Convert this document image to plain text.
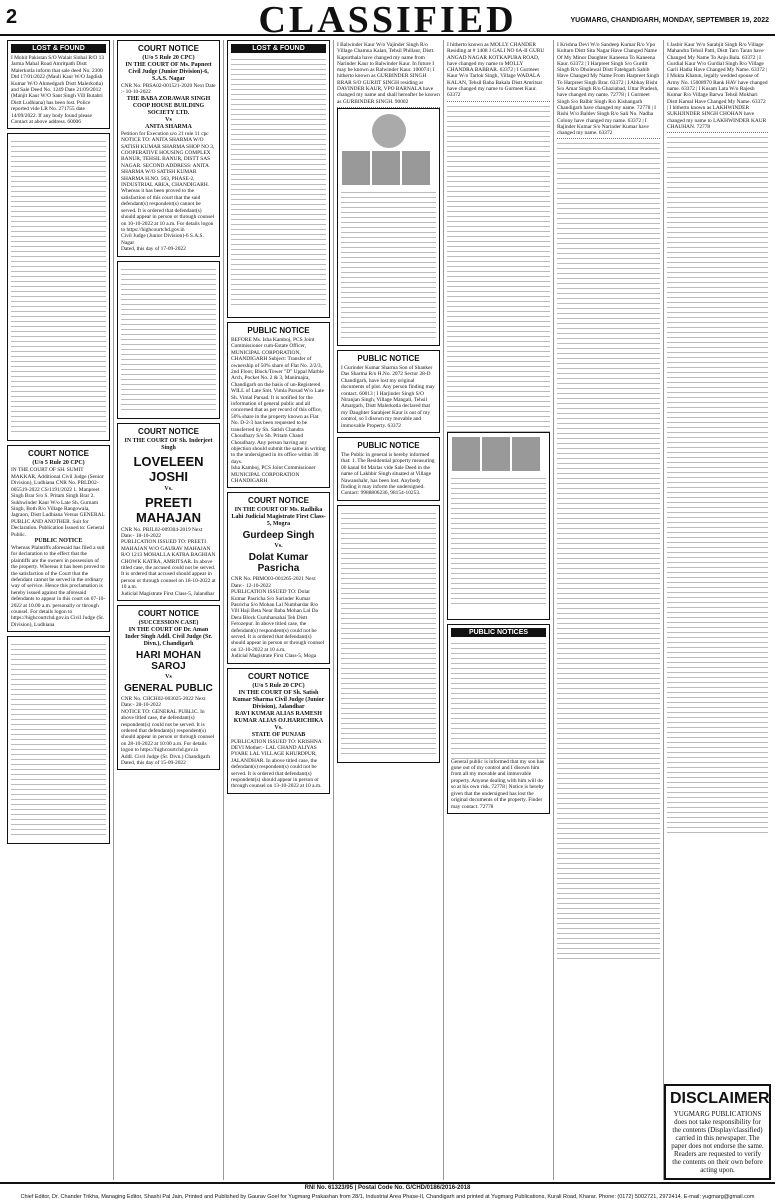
2	CLASSIFIED	YUGMARG, CHANDIGARH, MONDAY, SEPTEMBER 19, 2022
LOST & FOUND
I Mohit Pakistan S/O Walait Sinhal R/O 13 Jarma Mahal Road Amritpath Distt Malerkotla inform that sale deed No. 2300 Dtd 17/01/2022 (Mauli Kaur W/O Jagdish Kumar W/O Ahmedgarh Distt Malerkotla) and Sale Deed No. 1249 Date 21/09/2012 (Manjit Kaur W/O Sant Singh Vill Butahri Distt Ludhiana) has been lost. Police reported vide LR No. 271755 date 14/09/2022. If any body found please Contact at above address. 60006
COURT NOTICE
(U/o 5 Rule 20 CPC)
IN THE COURT OF SH. SUMIT MAKKAR, Additional Civil Judge (Senior Division), Ludhiana CNR No. PBLD02-005519-2022 CS/1191/2022 1. Manpreet Singh Brar S/o S. Pritam Singh Brar 2. Sukhwinder Kaur W/o Late Sh. Gurnam Singh, Both R/o Village Rangowala, Jagraon, Distt Ludhiana Versus GENERAL PUBLIC AND ANOTHER. Suit for Declaration. Publication Issued to: General Public.
PUBLIC NOTICE
Whereas Plaintiffs aforesaid has filed a suit for declaration to the effect that the plaintiffs are the owners in possession of the property. Whereas it has been proved to the satisfaction of the Court that the defendant cannot be served in the ordinary way of service. Hence this proclamation is hereby issued against the aforesaid defendants to appear in this court on 07-10-2022 at 10.00 a.m. personally or through counsel. For details logon to https://highcourtchd.gov.in Civil Judge (Sr. Division), Ludhiana
COURT NOTICE
(U/o 5 Rule 20 CPC)
IN THE COURT OF Ms. Papneet
Civil Judge (Junior Division)-6, S.A.S. Nagar
CNR No. PBSA02-001521-2020 Next Date :- 10-10-2022
THE BABA ZORAWAR SINGH COOP HOUSE BUILDING SOCIETY LTD.
Vs
ANITA SHARMA
Petition for Execution u/o 21 rule 11 cpc
NOTICE TO: ANITA SHARMA W/O SATISH KUMAR SHARMA SHOP NO 3, COOPERATIVE HOUSING COMPLEX BANUR, TEHSIL BANUR, DISTT SAS NAGAR. SECOND ADDRESS: ANITA SHARMA W/O SATISH KUMAR SHARMA H.NO. 563, PHASE-2, INDUSTRIAL AREA, CHANDIGARH. Whereas it has been proved to the satisfaction of this court that the said defendant(s) respondent(s) cannot be served. It is ordered that defendant(s) should appear in person or through counsel on 10-10-2022 at 10 a.m. For details logon to https://highcourtchd.gov.in
Civil Judge (Junior Division)-6 S.A.S. Nagar
Dated, this day of 17-09-2022
COURT NOTICE
IN THE COURT OF Sh. Inderjeet Singh
LOVELEEN JOSHI
Vs.
PREETI MAHAJAN
CNR No. PBJL02-009304-2019 Next Date:- 18-10-2022
PUBLICATION ISSUED TO: PREETI MAHAJAN W/O GAURAV MAHAJAN R/O 1213 MOHALLA KATRA BAGHIAN CHOWK KATRA, AMRITSAR. In above titled case, the accused could not be served. It is ordered that accused should appear in person or through counsel on 18-10-2022 at 10 a.m.
Judicial Magistrate First Class-5, Jalandhar
COURT NOTICE
(SUCCESSION CASE)
IN THE COURT OF Dr. Aman Inder Singh Addl. Civil Judge (Sr. Divn.), Chandigarh
HARI MOHAN SAROJ
Vs
GENERAL PUBLIC
CNR No. CHCH02-003025-2022 Next Date:- 28-10-2022
NOTICE TO: GENERAL PUBLIC. In above titled case, the defendant(s) respondent(s) could not be served. It is ordered that defendant(s) respondent(s) should appear in person or through counsel on 28-10-2022 at 10:00 a.m. For details logon to https://highcourtchd.gov.in
Addl. Civil Judge (Sr. Divn.) Chandigarh
Dated, this day of 15-09-2022
LOST & FOUND
PUBLIC NOTICE
BEFORE Ms. Isha Kamboj, PCS Joint Commissioner cum-Estate Officer, MUNICIPAL CORPORATION, CHANDIGARH Subject: Transfer of ownership of 50% share of Flat No. 2/2/3, 2nd Floor, Block/Tower "D" Uppal Marble Arch, Pocket No. 2 & 3, Manimajra, Chandigarh on the basis of un-Registered WILL of Late Smt. Vimla Parsad W/o Late Sh. Vimal Parsad. It is notified for the information of general public and all concerned that as per record of this office, 50% share in the property known as Flat No. D-2-3 has been requested to be transferred by Sh. Satish Chandra Choudhary S/o Sh. Pritam Chand Choudhary. Any person having any objection should submit the same in writing to the undersigned in its office within 30 days.
Isha Kamboj, PCS Joint Commissioner MUNICIPAL CORPORATION CHANDIGARH
COURT NOTICE
IN THE COURT OF Ms. Radhika Lahi Judicial Magistrate First Class-5, Mogra
Gurdeep Singh
Vs.
Dolat Kumar Pasricha
CNR No. PBMO03-001265-2021 Next Date:- 12-10-2022
PUBLICATION ISSUED TO: Dolat Kumar Pasricha S/o Surinder Kumar Pasricha S/o Mohan Lal Numbardar R/o Vill Haji Beta Near Baba Mohan Lal Da Dera Block Guruharsahai Teh Distt Ferozepur. In above titled case, the defendant(s) respondent(s) could not be served. It is ordered that defendant(s) should appear in person or through counsel on 12-10-2022 at 10 a.m.
Judicial Magistrate First Class-5, Moga
COURT NOTICE
(U/o 5 Rule 20 CPC)
IN THE COURT OF Sh. Satish Kumar Sharma Civil Judge (Junior Division), Jalandhar
RAVI KUMAR ALIAS RAMESH KUMAR ALIAS OJ.HARICHIKA
Vs.
STATE OF PUNJAB
PUBLICATION ISSUED TO: KRISHNA DEVI Mother:- LAL CHAND ALIYAS PYARE LAL VILLAGE KHURDPUR, JALANDHAR. In above titled case, the defendant(s) respondent(s) could not be served. It is ordered that defendant(s) respondent(s) should appear in person or through counsel on 13-10-2022 at 10 a.m.
I Balwinder Kaur W/o Vajinder Singh R/o Village Chamna Kalan, Tehsil Phillaur, Distt. Kapurthala have changed my name from Narinder Kaur to Balwinder Kaur. In future I may be known as Balwinder Kaur. 100074 | I hitherto known as GURBINDER SINGH BRAR S/O GURJIT SINGH residing at DAVINDER KAUR, VPO BARNALA have changed my name and shall hereafter be known as GURBINDER SINGH. 90002
PUBLIC NOTICE
I Gurinder Kumar Sharma Son of Shanker Das Sharma R/o H.No. 2072 Sector 28-D Chandigarh, have lost my original documents of plot. Any person finding may contact. 60013 | I Harjinder Singh S/O Niranjan Singh, Village Mangali, Tehsil Amargarh, Distt Malerkotla declared that my Daughter Sarabjeet Kaur is out of my control, so I disown my movable and immovable Property. 63372
PUBLIC NOTICE
The Public in general is hereby informed that: 1. The Residential property measuring 00 kanal 04 Marlas vide Sale Deed in the name of Lakhbir Singh situated at Village Nawanshahr, has been lost. Anybody finding it may inform the undersigned. Contact: 9988806236, 98154-10253.
I hitherto known as MOLLY CHANDER Residing at # 1408 J GALI NO 6A-II GURU ANGAD NAGAR KOTKAPURA ROAD, have changed my name to MOLLY CHANDRA BABBAR. 63372 | I Gurmeet Kaur W/o Tarlok Singh, Village WADALA KALAN, Tehsil Baba Bakala Distt Amritsar have changed my name to Gurmeet Kaur. 63372
PUBLIC NOTICES
General public is informed that my son has gone out of my control and I disown him from all my movable and immovable property. Anyone dealing with him will do so at his own risk. 72778 | Notice is hereby given that the undersigned has lost the original documents of the property. Finder may contact. 72778
I Krishna Devi W/o Sandeep Kumar R/o Vpo Kultarn Distt Sita Nagar Have Changed Name Of My Minor Daughter Kaneena To Kaneena Kaur. 63372 | I Harpreet Singh S/o Gurdit Singh R/o Dholewal Distt Fatehgarh Sahib Have Changed My Name From Harpreet Singh To Harpreet Singh Brar. 63372 | I Abhay Bisht S/o Amar Singh R/o Ghaziabad, Uttar Pradesh, have changed my name. 72778 | I Gurmeet Singh S/o Balbir Singh R/o Kishangarh Chandigarh have changed my name. 72778 | I Rishi W/o Baldev Singh R/o Sali No. Nadha Colony have changed my name. 63372 | I Rajinder Kumar S/o Narinder Kumar have changed my name. 63372
I Jasbir Kaur W/o Sarabjit Singh R/o Village Mahandra Tehsil Patti, Distt Tarn Taran have Changed My Name To Anju Bala. 63372 | I Gurdial Kaur W/o Gurdial Singh R/o Village Garli Hadia Have Changed My Name. 63372 | I Mukta Khatun, legally wedded spouse of Army No. 15008970 Rank HAV have changed name. 63372 | I Kusam Lata W/o Rajesh Kumar R/o Village Barwa Tehsil Mokhari Distt Kamal Have Changed My Name. 63372 | I hitherto known as LAKHWINDER SUKHJINDER SINGH CHOHAN have changed my name to LAKHWINDER KAUR CHAUHAN. 72778
DISCLAIMER

YUGMARG PUBLICATIONS does not take responsibility for the contents (Display/classified) carried in this newspaper. The paper does not endorse the same. Readers are requested to verify the contents on their own before acting upon.

RNI No. 61323/95 | Postal Code No. G/CHD/0186/2016-2018
Chief Editor, Dr. Chander Trikha, Managing Editor, Shashi Pal Jain, Printed and Published by Gaurav Goel for Yugmarg Prakashan from 28/1, Industrial Area Phase-II, Chandigarh and printed at Yugmarg Publications, Kurali Road, Kharar. Phone: (0172) 5002721, 2972414. E-mail: yugmarg@gmail.com
